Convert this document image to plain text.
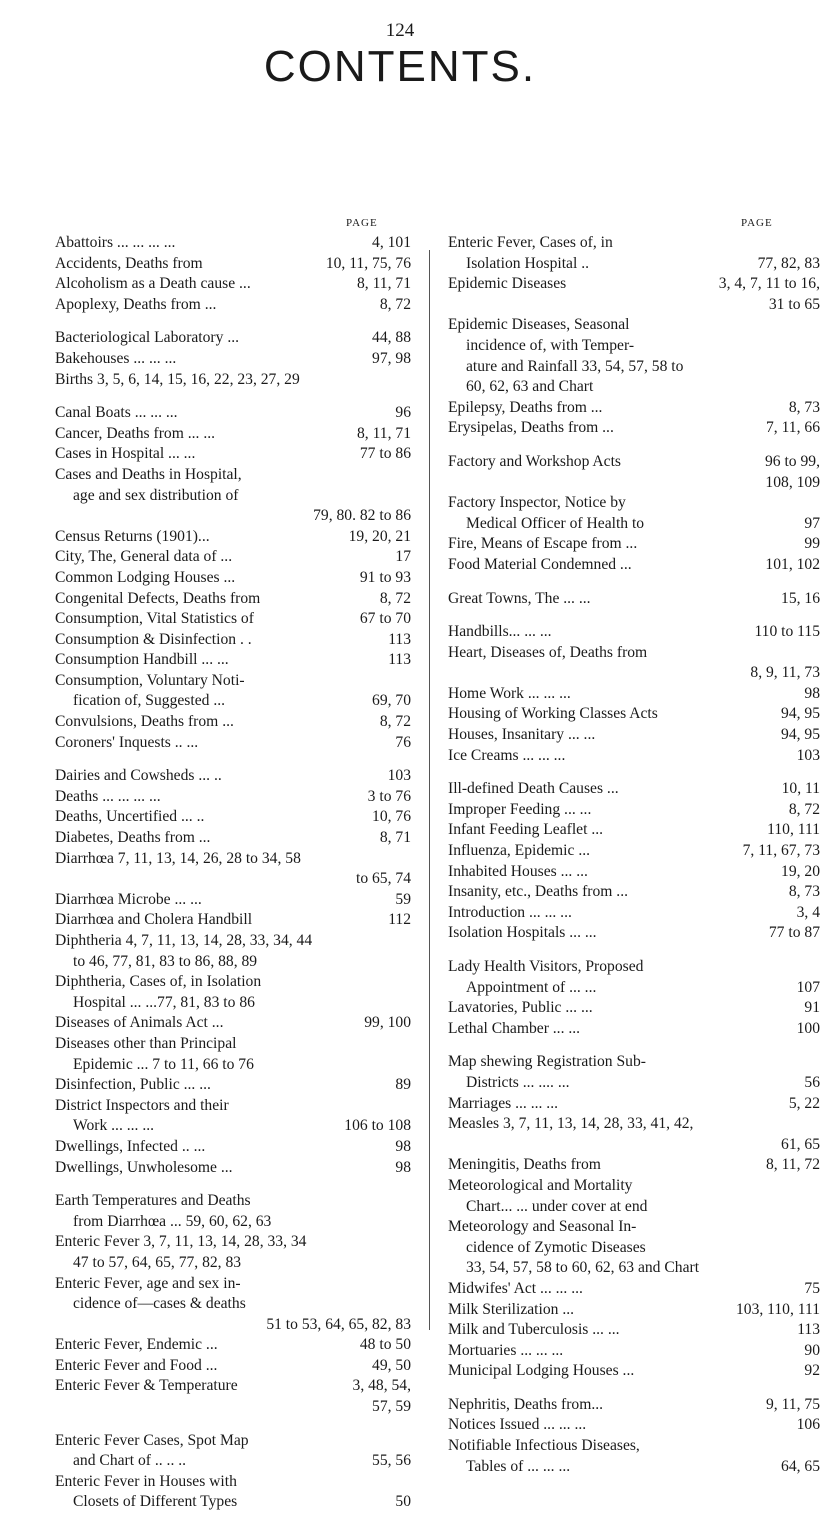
124
CONTENTS.
PAGE	PAGE
Abattoirs ... ... ... ...	4, 101
Accidents, Deaths from	10, 11, 75, 76
Alcoholism as a Death cause ...	8, 11, 71
Apoplexy, Deaths from ...	8, 72
Bacteriological Laboratory ...	44, 88
Bakehouses ... ... ...	97, 98
Births 3, 5, 6, 14, 15, 16, 22, 23, 27, 29
Canal Boats ... ... ...	96
Cancer, Deaths from ... ...	8, 11, 71
Cases in Hospital ... ...	77 to 86
Cases and Deaths in Hospital,
age and sex distribution of
79, 80. 82 to 86
Census Returns (1901)...	19, 20, 21
City, The, General data of ...	17
Common Lodging Houses ...	91 to 93
Congenital Defects, Deaths from	8, 72
Consumption, Vital Statistics of	67 to 70
Consumption & Disinfection . .	113
Consumption Handbill ... ...	113
Consumption, Voluntary Noti-
fication of, Suggested ...	69, 70
Convulsions, Deaths from ...	8, 72
Coroners' Inquests .. ...	76
Dairies and Cowsheds ... ..	103
Deaths ... ... ... ...	3 to 76
Deaths, Uncertified ... ..	10, 76
Diabetes, Deaths from ...	8, 71
Diarrhœa 7, 11, 13, 14, 26, 28 to 34, 58
to 65, 74
Diarrhœa Microbe ... ...	59
Diarrhœa and Cholera Handbill	112
Diphtheria 4, 7, 11, 13, 14, 28, 33, 34, 44
to 46, 77, 81, 83 to 86, 88, 89
Diphtheria, Cases of, in Isolation
Hospital ... ...77, 81, 83 to 86
Diseases of Animals Act ...	99, 100
Diseases other than Principal
Epidemic ... 7 to 11, 66 to 76
Disinfection, Public ... ...	89
District Inspectors and their
Work ... ... ...	106 to 108
Dwellings, Infected .. ...	98
Dwellings, Unwholesome ...	98
Earth Temperatures and Deaths
from Diarrhœa ... 59, 60, 62, 63
Enteric Fever 3, 7, 11, 13, 14, 28, 33, 34
47 to 57, 64, 65, 77, 82, 83
Enteric Fever, age and sex in-
cidence of—cases & deaths
51 to 53, 64, 65, 82, 83
Enteric Fever, Endemic ...	48 to 50
Enteric Fever and Food ...	49, 50
Enteric Fever & Temperature	3, 48, 54,
57, 59
Enteric Fever Cases, Spot Map
and Chart of .. .. ..	55, 56
Enteric Fever in Houses with
Closets of Different Types	50
Enteric Fever, Cases of, in
Isolation Hospital ..	77, 82, 83
Epidemic Diseases	3, 4, 7, 11 to 16,
31 to 65
Epidemic Diseases, Seasonal
incidence of, with Temper-
ature and Rainfall 33, 54, 57, 58 to
60, 62, 63 and Chart
Epilepsy, Deaths from ...	8, 73
Erysipelas, Deaths from ...	7, 11, 66
Factory and Workshop Acts	96 to 99,
108, 109
Factory Inspector, Notice by
Medical Officer of Health to	97
Fire, Means of Escape from ...	99
Food Material Condemned ...	101, 102
Great Towns, The ... ...	15, 16
Handbills... ... ...	110 to 115
Heart, Diseases of, Deaths from
8, 9, 11, 73
Home Work ... ... ...	98
Housing of Working Classes Acts	94, 95
Houses, Insanitary ... ...	94, 95
Ice Creams ... ... ...	103
Ill-defined Death Causes ...	10, 11
Improper Feeding ... ...	8, 72
Infant Feeding Leaflet ...	110, 111
Influenza, Epidemic ...	7, 11, 67, 73
Inhabited Houses ... ...	19, 20
Insanity, etc., Deaths from ...	8, 73
Introduction ... ... ...	3, 4
Isolation Hospitals ... ...	77 to 87
Lady Health Visitors, Proposed
Appointment of ... ...	107
Lavatories, Public ... ...	91
Lethal Chamber ... ...	100
Map shewing Registration Sub-
Districts ... .... ...	56
Marriages ... ... ...	5, 22
Measles 3, 7, 11, 13, 14, 28, 33, 41, 42,
61, 65
Meningitis, Deaths from	8, 11, 72
Meteorological and Mortality
Chart... ... under cover at end
Meteorology and Seasonal In-
cidence of Zymotic Diseases
33, 54, 57, 58 to 60, 62, 63 and Chart
Midwifes' Act ... ... ...	75
Milk Sterilization ...	103, 110, 111
Milk and Tuberculosis ... ...	113
Mortuaries ... ... ...	90
Municipal Lodging Houses ...	92
Nephritis, Deaths from...	9, 11, 75
Notices Issued ... ... ...	106
Notifiable Infectious Diseases,
Tables of ... ... ...	64, 65
